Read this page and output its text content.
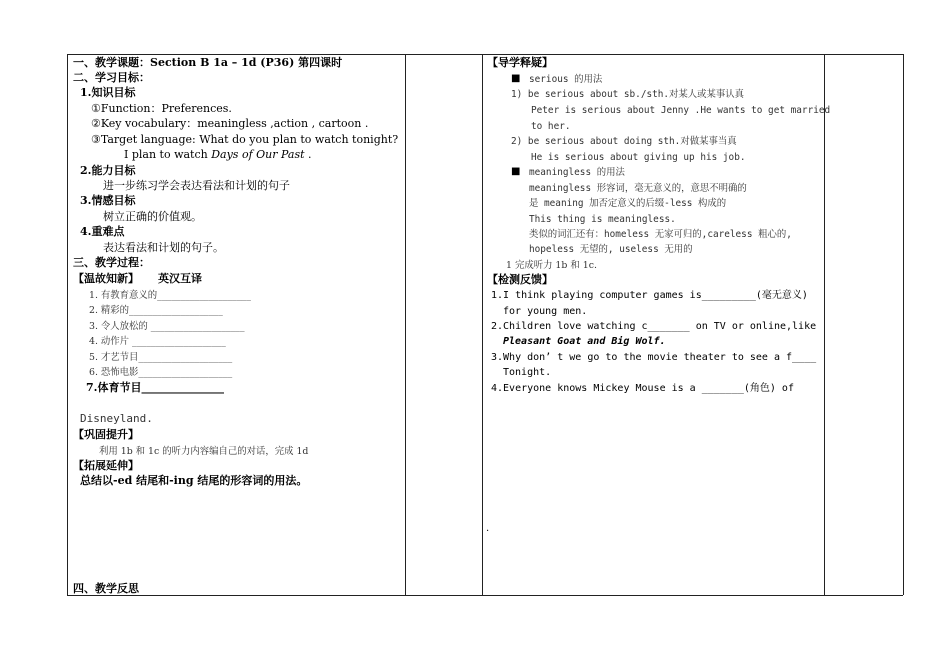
一、教学课题：Section B 1a – 1d (P36) 第四课时
二、学习目标：
1.知识目标
①Function：Preferences.
②Key vocabulary：meaningless ,action , cartoon .
③Target language: What do you plan to watch tonight?
I plan to watch Days of Our Past .
2.能力目标
进一步练习学会表达看法和计划的句子
3.情感目标
树立正确的价值观。
4.重难点
表达看法和计划的句子。
三、教学过程：
【温故知新】 英汉互译
1. 有教育意义的____________________
2. 精彩的____________________
3. 令人放松的 ____________________
4. 动作片 ____________________
5. 才艺节目____________________
6. 恐怖电影____________________
7.体育节目_______________
Disneyland.
【巩固提升】
利用 1b 和 1c 的听力内容编自己的对话，完成 1d
【拓展延伸】
总结以-ed 结尾和-ing 结尾的形容词的用法。
四、教学反思
【导学释疑】
■ serious 的用法
1) be serious about sb./sth.对某人或某事认真
Peter is serious about Jenny .He wants to get married
to her.
2) be serious about doing sth.对做某事当真
He is serious about giving up his job.
■ meaningless 的用法
meaningless 形容词，毫无意义的，意思不明确的
是 meaning 加否定意义的后缀-less 构成的
This thing is meaningless.
类似的词汇还有：homeless 无家可归的,careless 粗心的,
hopeless 无望的, useless 无用的
1 完成听力 1b 和 1c.
【检测反馈】
1.I think playing computer games is_________(毫无意义)
for young men.
2.Children love watching c_______ on TV or online,like
Pleasant Goat and Big Wolf.
3.Why don’ t we go to the movie theater to see a f____
Tonight.
4.Everyone knows Mickey Mouse is a _______(角色) of
.
